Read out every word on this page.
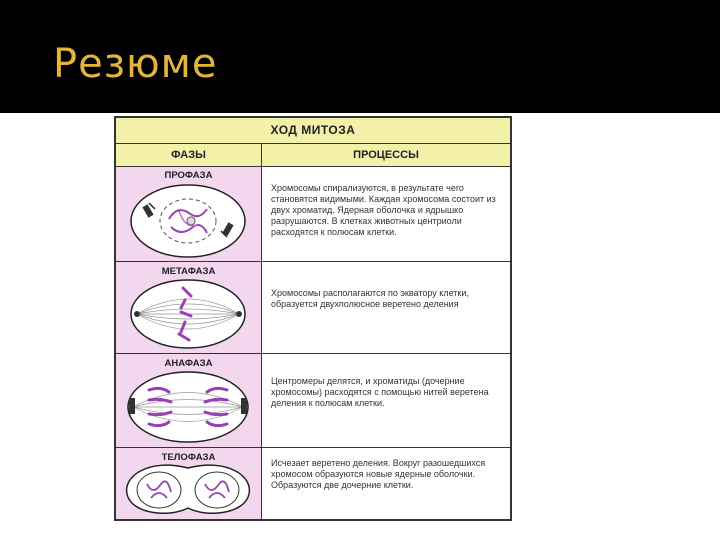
Резюме
ХОД МИТОЗА
ФАЗЫ	ПРОЦЕССЫ
ПРОФАЗА
Хромосомы спирализуются, в результате чего становятся видимыми. Каждая хромосома состоит из двух хроматид. Ядерная оболочка и ядрышко разрушаются. В клетках животных центриоли расходятся к полюсам клетки.
МЕТАФАЗА
Хромосомы располагаются по экватору клетки, образуется двухполюсное веретено деления
АНАФАЗА
Центромеры делятся, и хроматиды (дочерние хромосомы) расходятся с помощью нитей веретена деления к полюсам клетки.
ТЕЛОФАЗА	Исчезает веретено деления. Вокруг разошедшихся хромосом образуются новые ядерные оболочки. Образуются две дочерние клетки.
